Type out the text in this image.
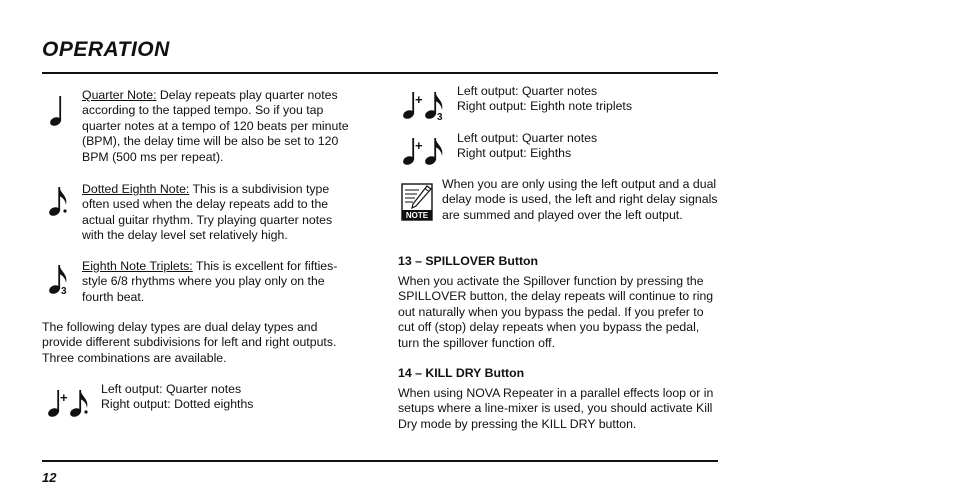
OPERATION

Quarter Note: Delay repeats play quarter notes according to the tapped tempo. So if you tap quarter notes at a tempo of 120 beats per minute (BPM), the delay time will be also be set to 120 BPM (500 ms per repeat).

Dotted Eighth Note: This is a subdivision type often used when the delay repeats add to the actual guitar rhythm. Try playing quarter notes with the delay level set relatively high.

3

Eighth Note Triplets: This is excellent for fifties-style 6/8 rhythms where you play only on the fourth beat.

The following delay types are dual delay types and provide different subdivisions for left and right outputs. Three combinations are available.

+

Left output: Quarter notes
Right output: Dotted eighths

+
3

Left output: Quarter notes
Right output: Eighth note triplets

+	Left output: Quarter notes
Right output: Eighths

NOTE

When you are only using the left output and a dual delay mode is used, the left and right delay signals are summed and played over the left output.

13 – SPILLOVER Button

When you activate the Spillover function by pressing the SPILLOVER button, the delay repeats will continue to ring out naturally when you bypass the pedal. If you prefer to cut off (stop) delay repeats when you bypass the pedal, turn the spillover function off.

14 – KILL DRY Button

When using NOVA Repeater in a parallel effects loop or in setups where a line-mixer is used, you should activate Kill Dry mode by pressing the KILL DRY button.

12
